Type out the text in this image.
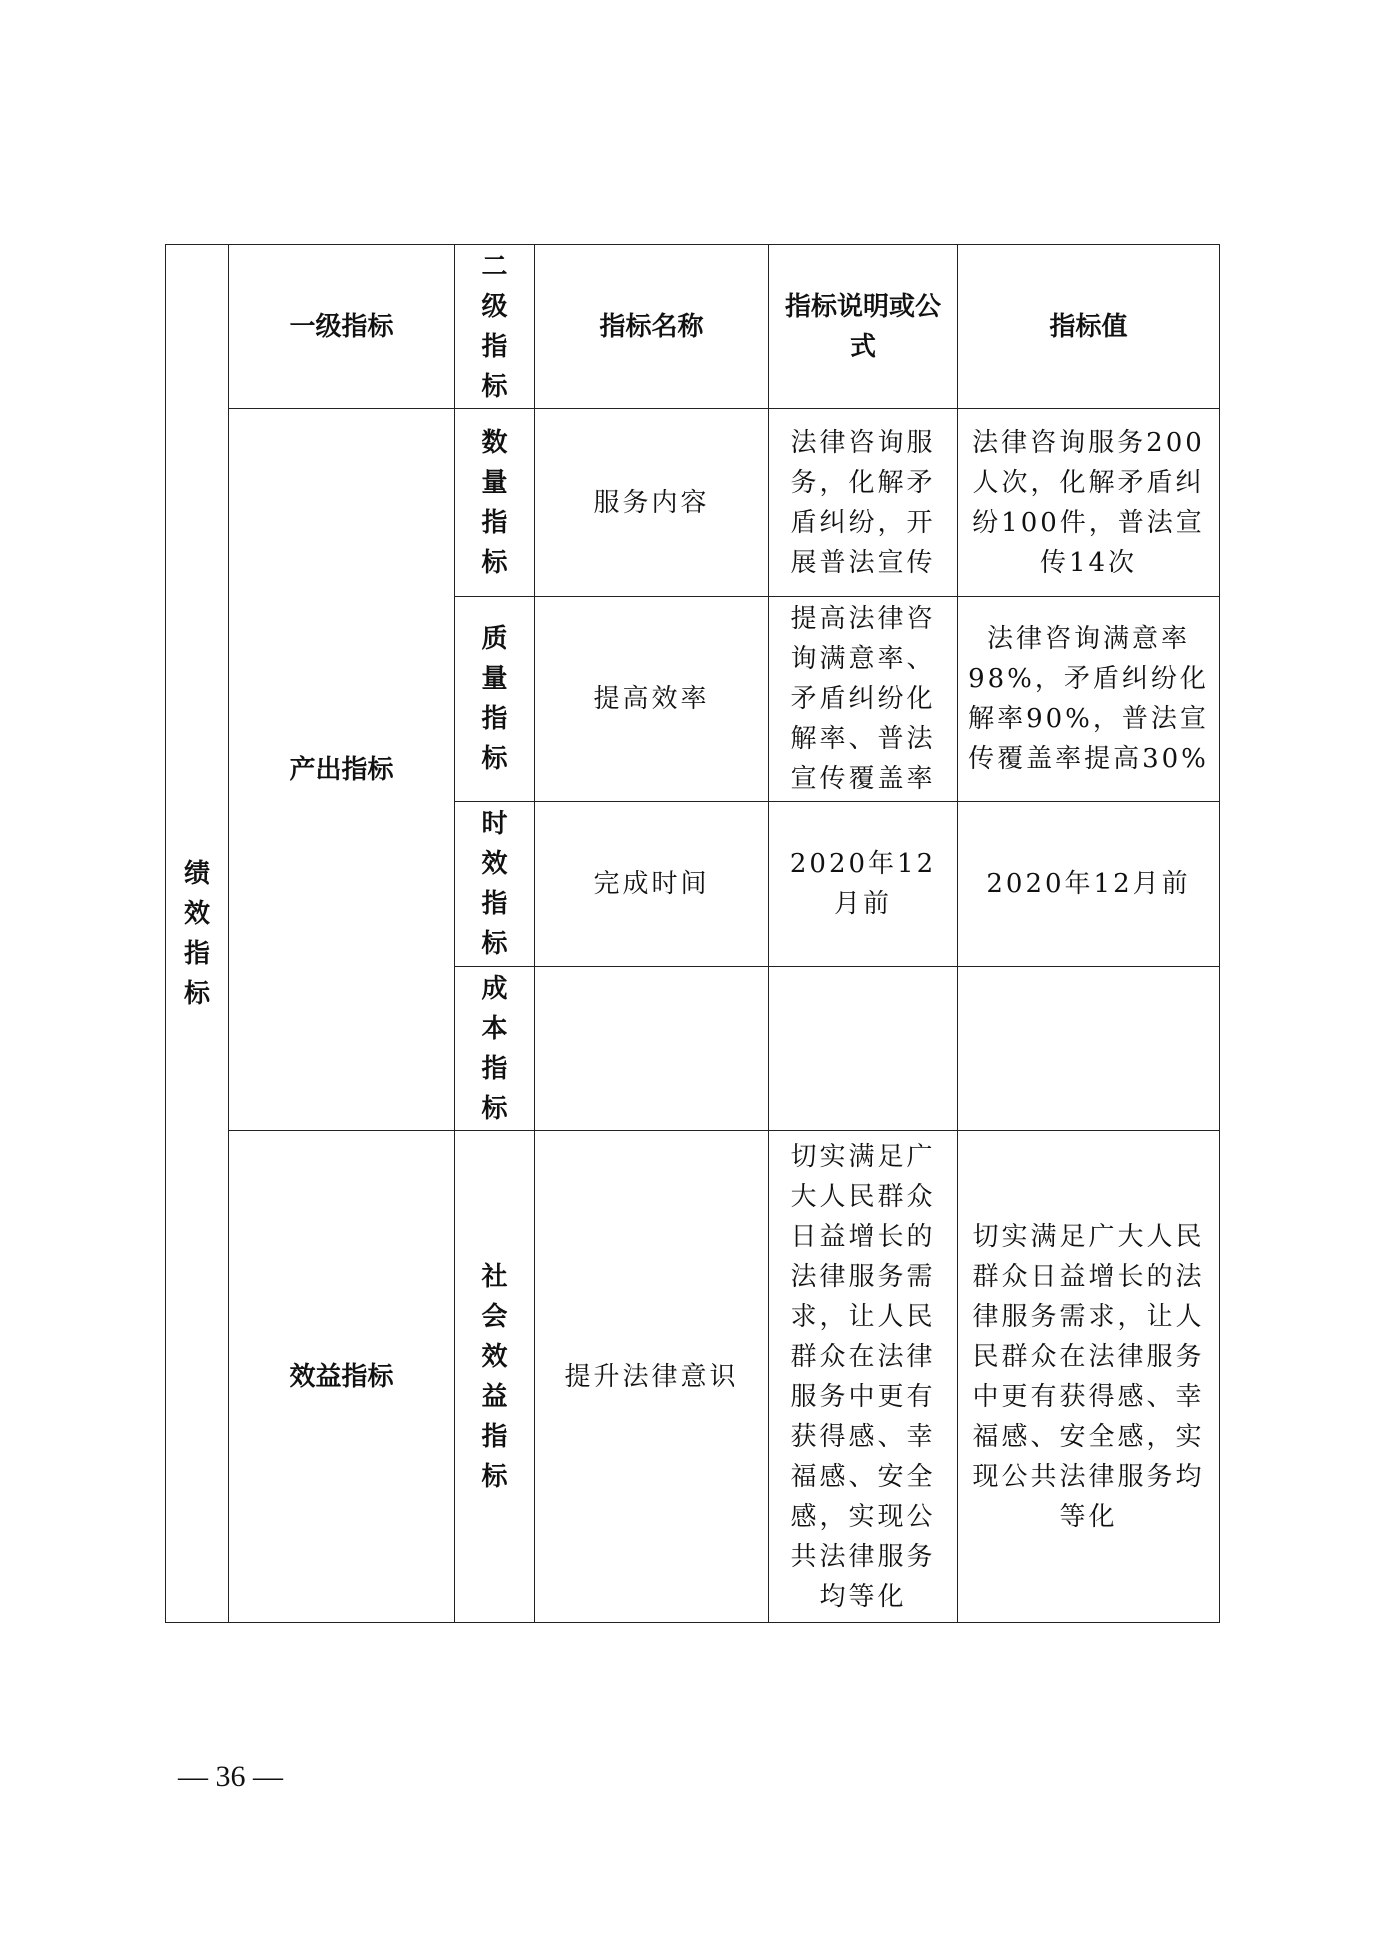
绩效指标	一级指标	二级指标	指标名称	指标说明或公式	指标值
	产出指标	数量指标	服务内容	法律咨询服务，化解矛盾纠纷，开展普法宣传	法律咨询服务200人次，化解矛盾纠纷100件，普法宣传14次
		质量指标	提高效率	提高法律咨询满意率、矛盾纠纷化解率、普法宣传覆盖率	法律咨询满意率98%，矛盾纠纷化解率90%，普法宣传覆盖率提高30%
		时效指标	完成时间	2020年12月前	2020年12月前
		成本指标			
	效益指标	社会效益指标	提升法律意识	切实满足广大人民群众日益增长的法律服务需求，让人民群众在法律服务中更有获得感、幸福感、安全感，实现公共法律服务均等化	切实满足广大人民群众日益增长的法律服务需求，让人民群众在法律服务中更有获得感、幸福感、安全感，实现公共法律服务均等化
— 36 —
